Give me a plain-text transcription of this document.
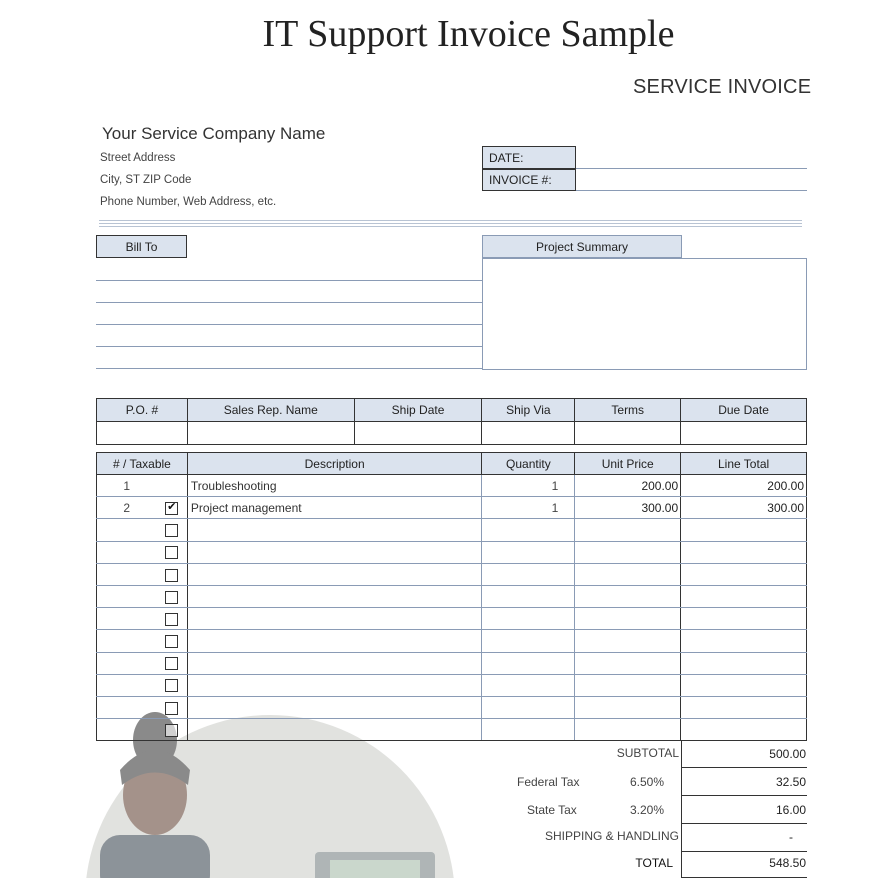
IT Support Invoice Sample
SERVICE INVOICE
Your Service Company Name
Street Address
City, ST ZIP Code
Phone Number, Web Address, etc.
DATE:
INVOICE #:
Bill To	Project Summary
P.O. #	Sales Rep. Name	Ship Date	Ship Via	Terms	Due Date

# / Taxable		Description	Quantity	Unit Price	Line Total
1		Troubleshooting	1	200.00	200.00
2	✔	Project management	1	300.00	300.00

SUBTOTAL	500.00
Federal Tax	6.50%	32.50
State Tax	3.20%	16.00
SHIPPING & HANDLING	-
TOTAL	548.50
